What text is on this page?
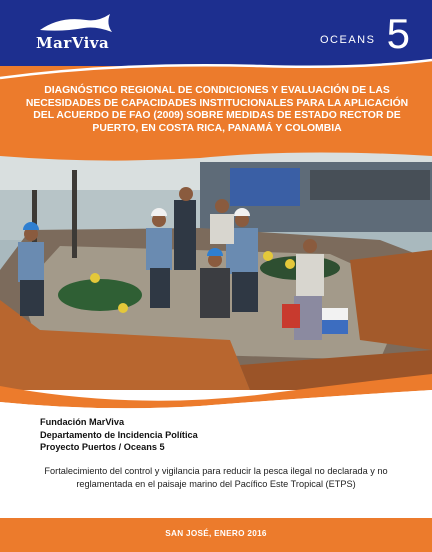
MarViva	OCEANS 5
DIAGNÓSTICO REGIONAL DE CONDICIONES Y EVALUACIÓN DE LAS NECESIDADES DE CAPACIDADES INSTITUCIONALES PARA LA APLICACIÓN DEL ACUERDO DE FAO (2009) SOBRE MEDIDAS DE ESTADO RECTOR DE PUERTO, EN COSTA RICA, PANAMÁ Y COLOMBIA
Fundación MarViva
Departamento de Incidencia Política
Proyecto Puertos / Oceans 5
Fortalecimiento del control y vigilancia para reducir la pesca ilegal no declarada y no reglamentada en el paisaje marino del Pacífico Este Tropical (ETPS)
SAN JOSÉ, ENERO 2016
